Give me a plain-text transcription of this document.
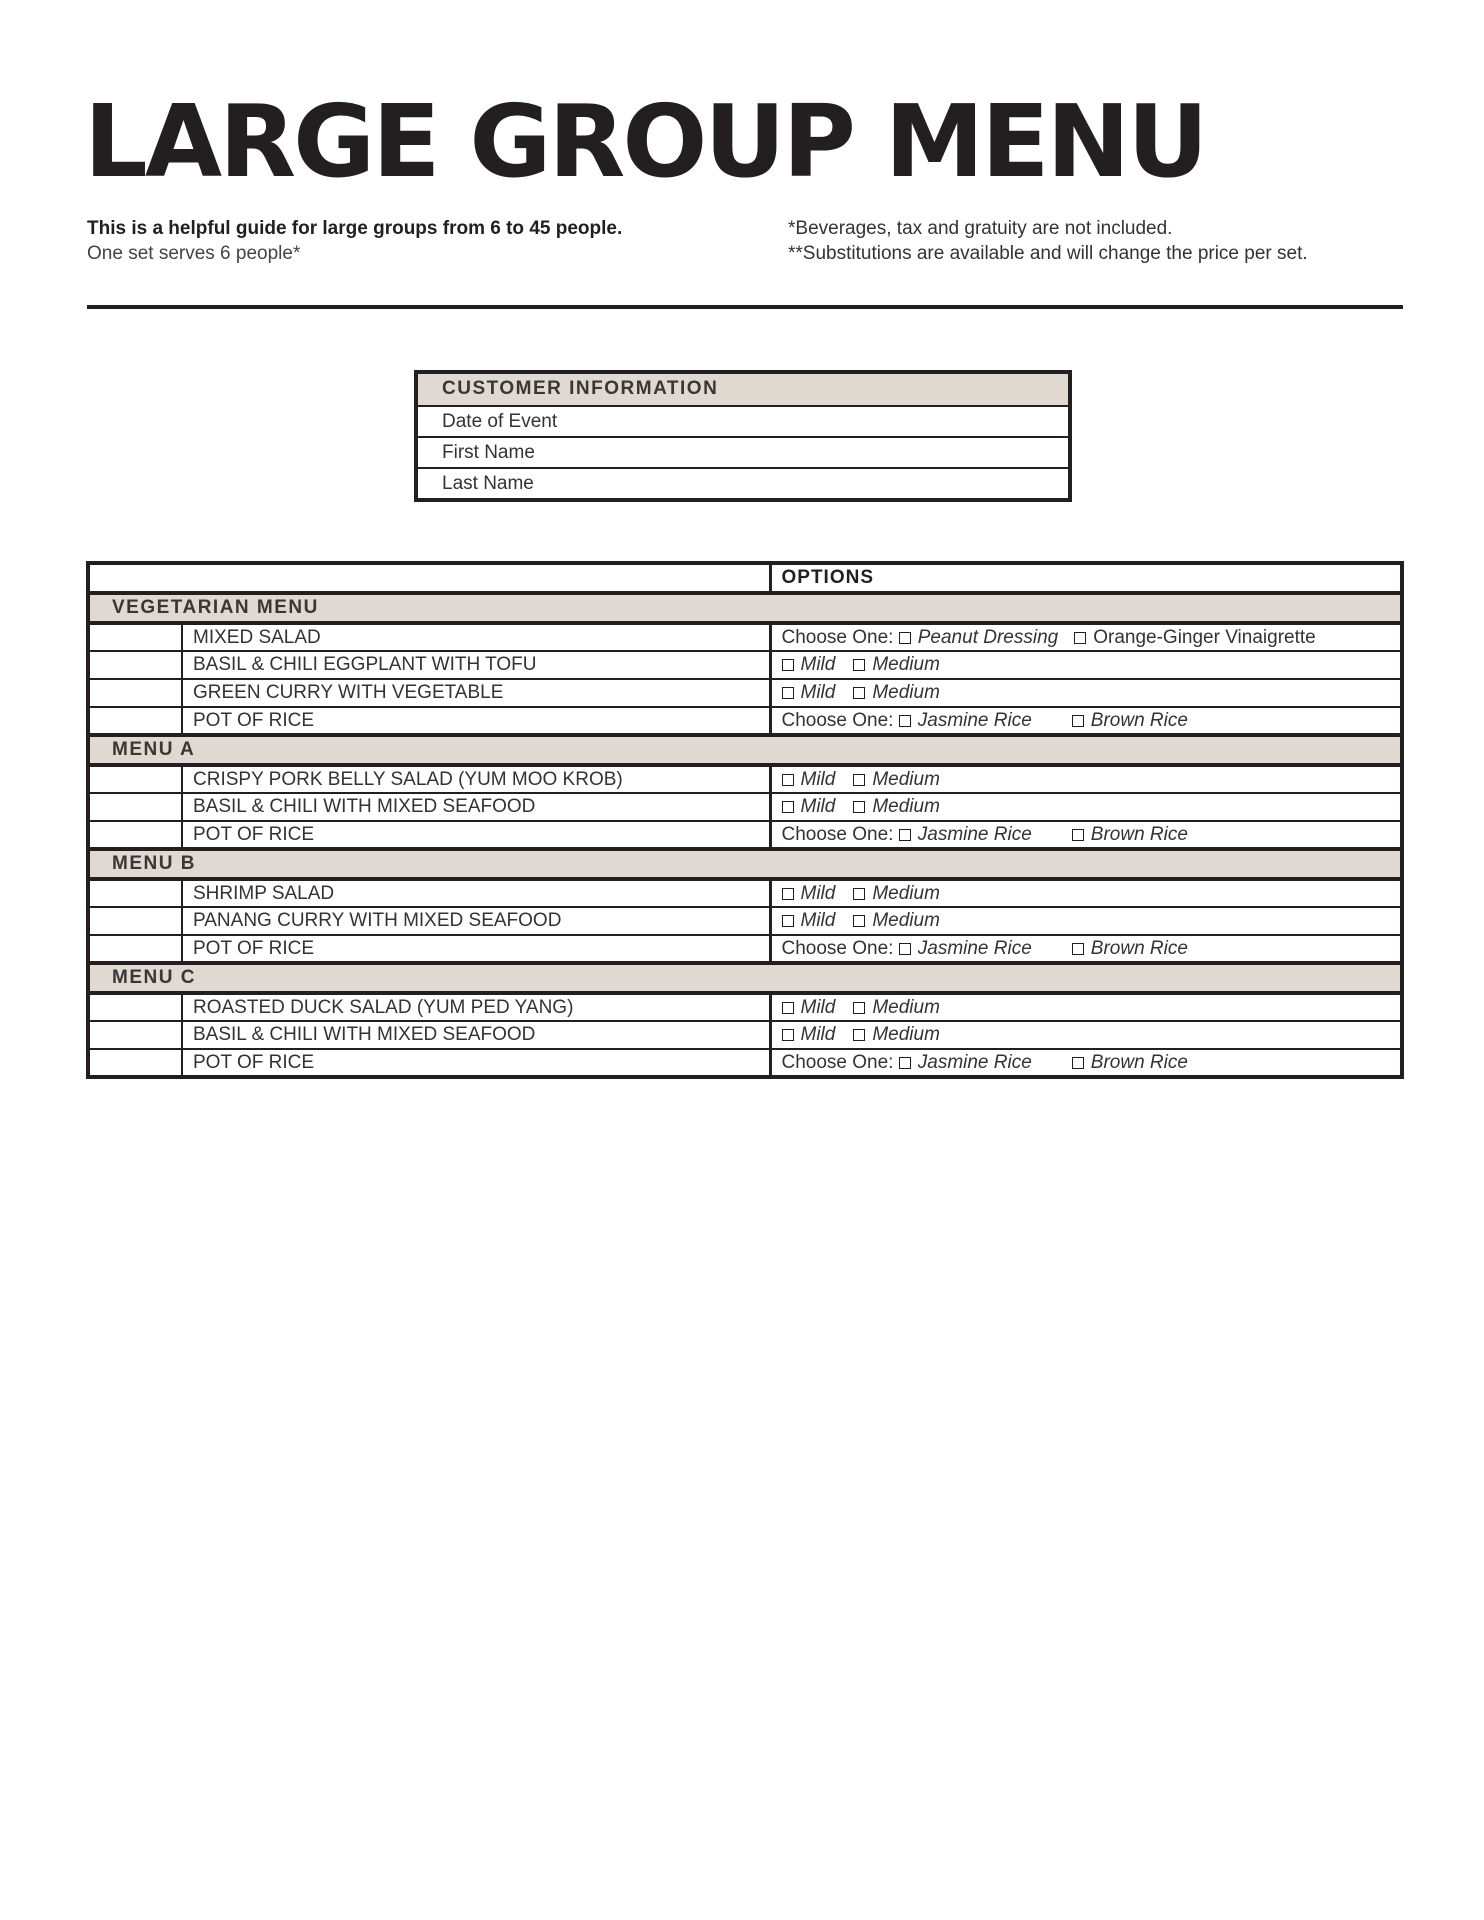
LARGE GROUP MENU
This is a helpful guide for large groups from 6 to 45 people.
One set serves 6 people*
*Beverages, tax and gratuity are not included.
**Substitutions are available and will change the price per set.
CUSTOMER INFORMATION
Date of Event
First Name
Last Name
		OPTIONS
VEGETARIAN MENU		
	MIXED SALAD	Choose One: Peanut Dressing Orange-Ginger Vinaigrette
	BASIL & CHILI EGGPLANT WITH TOFU	Mild Medium
	GREEN CURRY WITH VEGETABLE	Mild Medium
	POT OF RICE	Choose One: Jasmine Rice Brown Rice
MENU A		
	CRISPY PORK BELLY SALAD (YUM MOO KROB)	Mild Medium
	BASIL & CHILI WITH MIXED SEAFOOD	Mild Medium
	POT OF RICE	Choose One: Jasmine Rice Brown Rice
MENU B		
	SHRIMP SALAD	Mild Medium
	PANANG CURRY WITH MIXED SEAFOOD	Mild Medium
	POT OF RICE	Choose One: Jasmine Rice Brown Rice
MENU C		
	ROASTED DUCK SALAD (YUM PED YANG)	Mild Medium
	BASIL & CHILI WITH MIXED SEAFOOD	Mild Medium
	POT OF RICE	Choose One: Jasmine Rice Brown Rice
